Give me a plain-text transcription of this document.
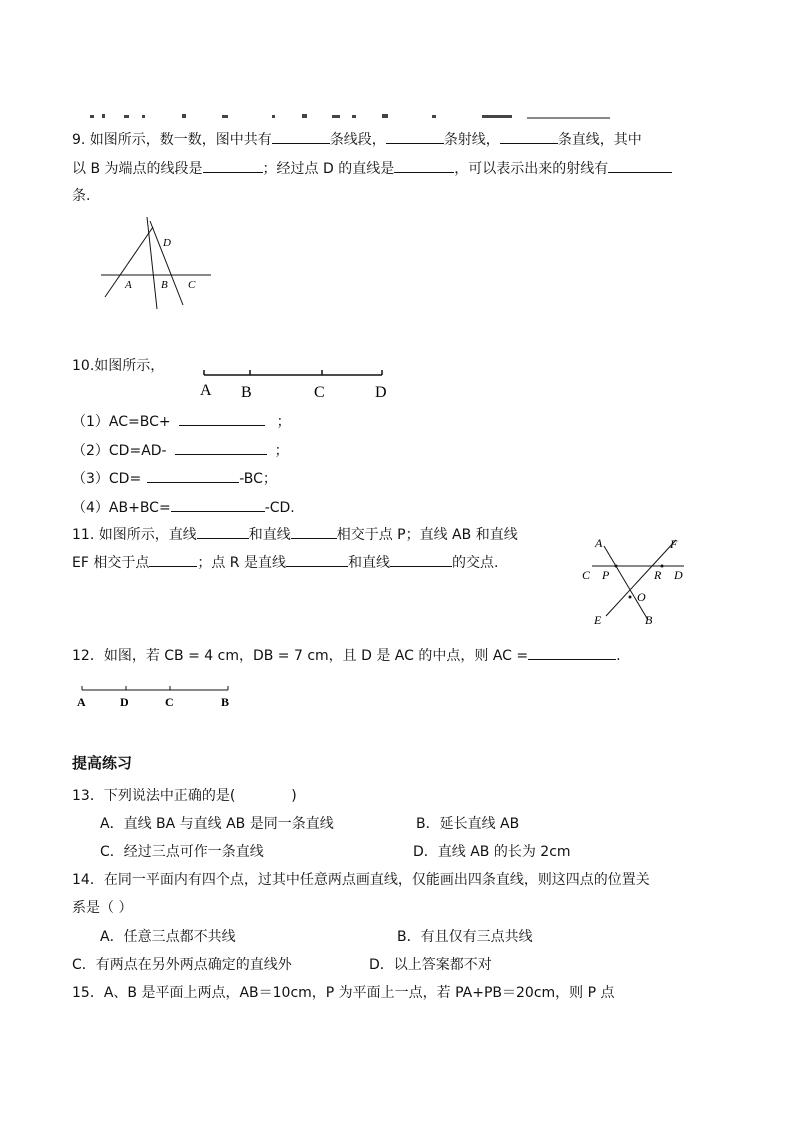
9. 如图所示，数一数，图中共有	条线段，	条射线，	条直线，其中
以 B 为端点的线段是	；经过点 D 的直线是	，可以表示出来的射线有
条.
D
A	B C
10.如图所示，
A B	C	D
（1）AC=BC+	；
（2）CD=AD-	；
（3）CD=	-BC；
（4）AB+BC=	-CD.
11. 如图所示，直线	和直线	相交于点 P；直线 AB 和直线
EF 相交于点	；点 R 是直线	和直线	的交点.
A	F
C P	R D
O
E	B
12．如图，若 CB = 4 cm，DB = 7 cm，且 D 是 AC 的中点，则 AC =	.
A	D	C	B
提高练习
13．下列说法中正确的是(	)
A．直线 BA 与直线 AB 是同一条直线	B．延长直线 AB
C．经过三点可作一条直线	D．直线 AB 的长为 2cm
14．在同一平面内有四个点，过其中任意两点画直线，仅能画出四条直线，则这四点的位置关
系是（ ）
A．任意三点都不共线	B．有且仅有三点共线
C．有两点在另外两点确定的直线外	D．以上答案都不对
15．A、B 是平面上两点，AB＝10cm，P 为平面上一点，若 PA+PB＝20cm，则 P 点
